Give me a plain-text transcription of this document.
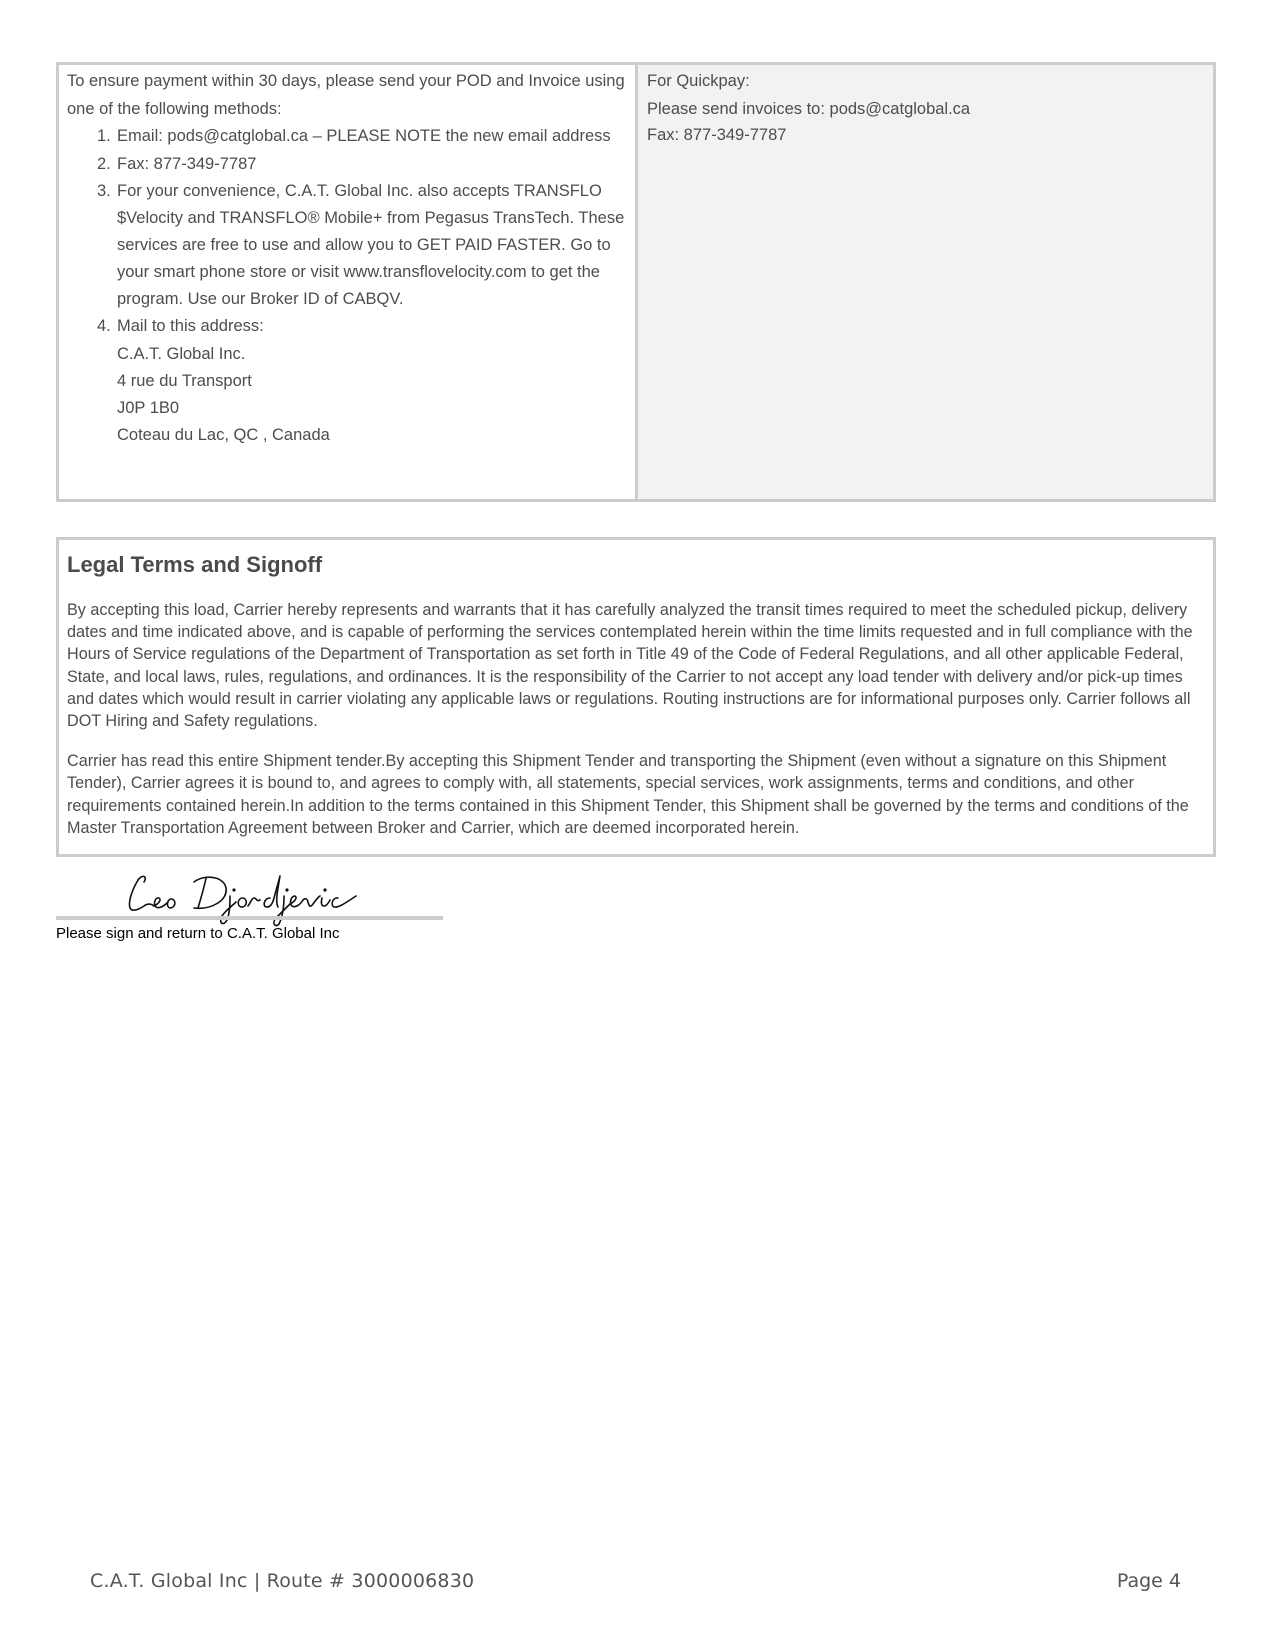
To ensure payment within 30 days, please send your POD and Invoice using one of the following methods:
1. Email: pods@catglobal.ca – PLEASE NOTE the new email address
2. Fax: 877-349-7787
3. For your convenience, C.A.T. Global Inc. also accepts TRANSFLO $Velocity and TRANSFLO® Mobile+ from Pegasus TransTech. These services are free to use and allow you to GET PAID FASTER. Go to your smart phone store or visit www.transflovelocity.com to get the program. Use our Broker ID of CABQV.
4. Mail to this address:
C.A.T. Global Inc.
4 rue du Transport
J0P 1B0
Coteau du Lac, QC , Canada
For Quickpay:
Please send invoices to: pods@catglobal.ca
Fax: 877-349-7787
Legal Terms and Signoff

By accepting this load, Carrier hereby represents and warrants that it has carefully analyzed the transit times required to meet the scheduled pickup, delivery dates and time indicated above, and is capable of performing the services contemplated herein within the time limits requested and in full compliance with the Hours of Service regulations of the Department of Transportation as set forth in Title 49 of the Code of Federal Regulations, and all other applicable Federal, State, and local laws, rules, regulations, and ordinances. It is the responsibility of the Carrier to not accept any load tender with delivery and/or pick-up times and dates which would result in carrier violating any applicable laws or regulations. Routing instructions are for informational purposes only. Carrier follows all DOT Hiring and Safety regulations.

Carrier has read this entire Shipment tender.By accepting this Shipment Tender and transporting the Shipment (even without a signature on this Shipment Tender), Carrier agrees it is bound to, and agrees to comply with, all statements, special services, work assignments, terms and conditions, and other requirements contained herein.In addition to the terms contained in this Shipment Tender, this Shipment shall be governed by the terms and conditions of the Master Transportation Agreement between Broker and Carrier, which are deemed incorporated herein.

Please sign and return to C.A.T. Global Inc
C.A.T. Global Inc | Route # 3000006830	Page 4
